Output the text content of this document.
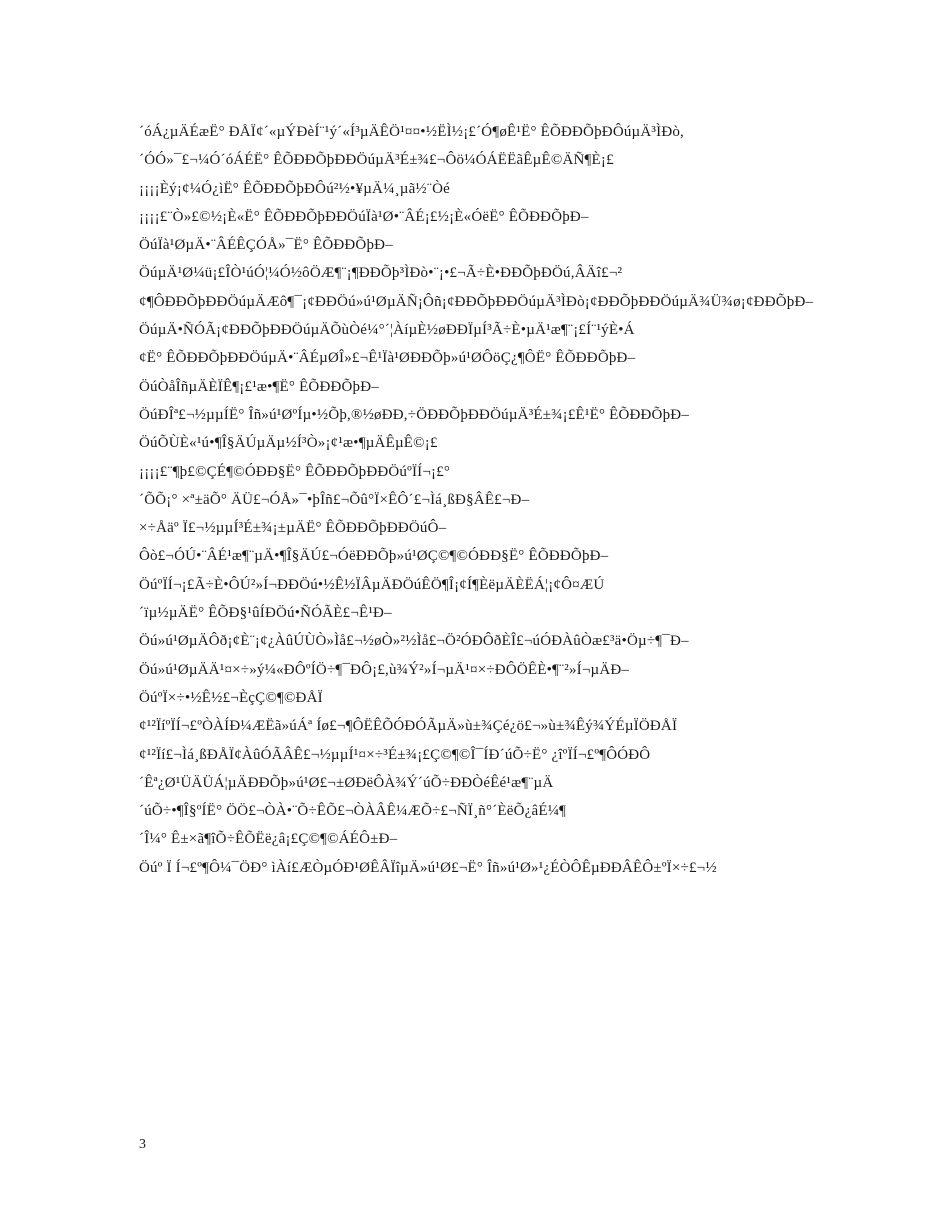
´óÁ¿µÄÉæË° ÐÅÏ¢´«µÝÐèÍ¨¹ý´«Í³µÄÊÖ¹¤¤•½ËÌ½¡£´Ó¶øÊ¹Ë° ÊÕÐÐÕþÐÔúµÄ³ÌÐò,
´ÓÓ»¯£¬¼Ó´óÁÉË° ÊÕÐÐÕþÐÐÖúµÄ³É±¾£¬Ôö¼ÓÁËËãÊµÊ©ÄÑ¶È¡£
¡¡¡¡Èý¡¢¼Ó¿ìË° ÊÕÐÐÕþÐÔú²½•¥µÄ¼¸µã½¨Òé
¡¡¡¡£¨Ò»£©½¡È«Ë° ÊÕÐÐÕþÐÐÖúÏà¹Ø•¨ÂÉ¡£½¡È«ÓëË° ÊÕÐÐÕþÐ–
ÖúÏà¹ØµÄ•¨ÂÉÊÇÓÅ»¯Ë° ÊÕÐÐÕþÐ–
ÖúµÄ¹Ø¼ü¡£ÎÒ¹úÓ¦¼Ó½ôÖÆ¶¨¡¶ÐÐÕþ³ÌÐò•¨¡•£¬Ã÷È•ÐÐÕþÐÖú,ÂÄî£¬²
¢¶ÔÐÐÕþÐÐÖúµÄÆô¶¯¡¢ÐÐÖú»ú¹ØµÄÑ¡Ôñ¡¢ÐÐÕþÐÐÖúµÄ³ÌÐò¡¢ÐÐÕþÐÐÖúµÄ¾Ü¾ø¡¢ÐÐÕþÐ–
ÖúµÄ•ÑÓÃ¡¢ÐÐÕþÐÐÖúµÄÕùÒé¼°´¦ÀíµÈ½øÐÐÏµÍ³Ã÷È•µÄ¹æ¶¨¡£Í¨¹ýÈ•Á
¢Ë° ÊÕÐÐÕþÐÐÖúµÄ•¨ÂÉµØÎ»£¬Ê¹Ïà¹ØÐÐÕþ»ú¹ØÔöÇ¿¶ÔË° ÊÕÐÐÕþÐ–
ÖúÒåÎñµÄÈÏÊ¶¡£¹æ•¶Ë° ÊÕÐÐÕþÐ–
ÖúÐÎª£¬½µµÍË° Îñ»ú¹ØºÍµ•½Õþ,®½øÐÐ,÷ÖÐÐÕþÐÐÖúµÄ³É±¾¡£Ê¹Ë° ÊÕÐÐÕþÐ–
ÖúÕÙÈ«¹ú•¶Î§ÄÚµÄµ½Í³Ò»¡¢¹æ•¶µÄÊµÊ©¡£
¡¡¡¡£¨¶þ£©ÇÉ¶©ÓÐÐ§Ë° ÊÕÐÐÕþÐÐÖúºÏÍ¬¡£°
´ÕÕ¡° ×ª±äÕ° ÄÜ£¬ÓÅ»¯•þÎñ£¬Õû°Ï×ÊÔ´£¬Ìá¸ßÐ§ÂÊ£¬Ð–
×÷Åäº Ï£¬½µµÍ³É±¾¡±µÄË° ÊÕÐÐÕþÐÐÖúÔ–
Ôò£¬ÓÚ•¨ÂÉ¹æ¶¨µÄ•¶Î§ÄÚ£¬ÓëÐÐÕþ»ú¹ØÇ©¶©ÓÐÐ§Ë° ÊÕÐÐÕþÐ–
ÖúºÏÍ¬¡£Ã÷È•ÔÚ²»Í¬ÐÐÖú•½Ê½ÏÂµÄÐÖúÊÖ¶Î¡¢Í¶ÈëµÄÈËÁ¦¡¢Ô¤ÆÚ
´ïµ½µÄË° ÊÕÐ§¹ûÍÐÖú•ÑÓÃÈ£¬Ê¹Ð–
Öú»ú¹ØµÄÔð¡¢È¨¡¢¿ÀûÚÙÒ»Ìå£¬½øÒ»²½Ìå£¬Ö²ÓÐÔðÈÎ£¬úÓÐÀûÒæ£³ä•Öµ÷¶¯Ð–
Öú»ú¹ØµÄÄ¹¤×÷»ý¼«ÐÔºÍÖ÷¶¯ÐÔ¡£,ù¾Ý²»Í¬µÄ¹¤×÷ÐÔÖÊÈ•¶¨²»Í¬µÄÐ–
ÖúºÏ×÷•½Ê½£¬ÈçÇ©¶©ÐÅÏ
¢¹²ÏíºÏÍ¬£ºÒÀÍÐ¼ÆËã»úÁª Íø£¬¶ÔËÊÕÓÐÓÃµÄ»ù±¾Çé¿ö£¬»ù±¾Êý¾ÝÉµÏÖÐÅÏ
¢¹²Ïí£¬Ìá¸ßÐÅÏ¢ÀûÓÃÂÊ£¬½µµÍ¹¤×÷³É±¾¡£Ç©¶©Î¯ÍÐ´úÕ÷Ë° ¿îºÏÍ¬£º¶ÔÓÐÔ
´Êª¿Ø¹ÜÄÜÁ¦µÄÐÐÕþ»ú¹Ø£¬±ØÐëÔÀ¾Ý´úÕ÷ÐÐÒéÊé¹æ¶¨µÄ
´úÕ÷•¶Î§ºÍË° ÖÖ£¬ÒÀ•¨Õ÷ÊÕ£¬ÒÀÂÊ¼ÆÕ÷£¬ÑÏ¸ñ°´ÈëÕ¿âÉ¼¶
´Î¼° Ê±×ã¶îÕ÷ÊÕËë¿â¡£Ç©¶©ÁÉÔ±Ð–
Öúº Ï Í¬£º¶Ô¼¯ÖÐ° ìÀí£ÆÒµÓÐ¹ØÊÂÏîµÄ»ú¹Ø£¬Ë° Îñ»ú¹Ø»¹¿ÉÒÔÊµÐÐÂÊÔ±ºÏ×÷£¬½
3
